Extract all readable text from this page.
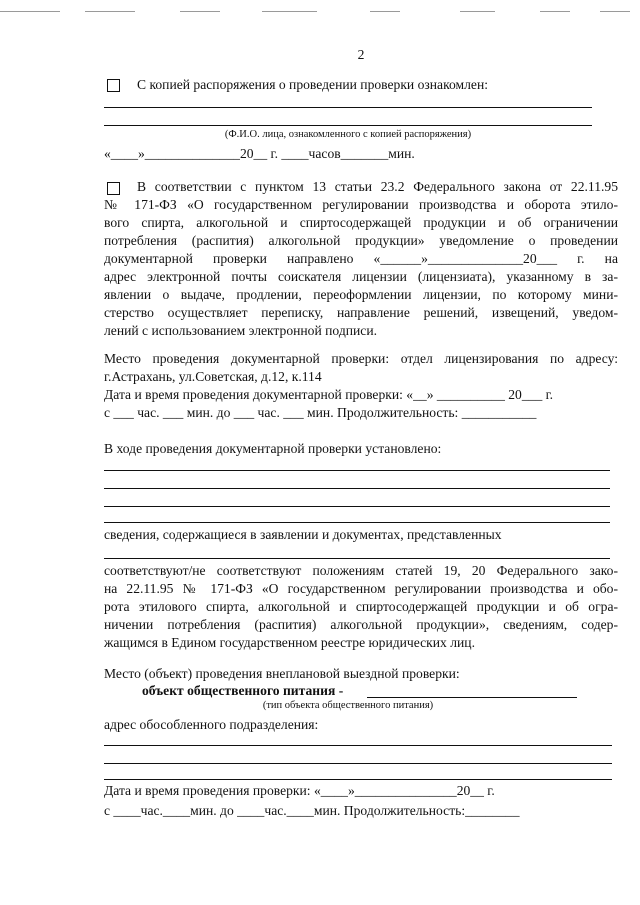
2
С копией распоряжения о проведении проверки ознакомлен:
(Ф.И.О. лица, ознакомленного с копией распоряжения)
«____»______________20__ г. ____часов_______мин.
В соответствии с пунктом 13 статьи 23.2 Федерального закона от 22.11.95
№ 171-ФЗ «О государственном регулировании производства и оборота этило-
вого спирта, алкогольной и спиртосодержащей продукции и об ограничении
потребления (распития) алкогольной продукции» уведомление о проведении
документарной проверки направлено «______»______________20___ г. на
адрес электронной почты соискателя лицензии (лицензиата), указанному в за-
явлении о выдаче, продлении, переоформлении лицензии, по которому мини-
стерство осуществляет переписку, направление решений, извещений, уведом-
лений с использованием электронной подписи.
Место проведения документарной проверки: отдел лицензирования по адресу:
г.Астрахань, ул.Советская, д.12, к.114
Дата и время проведения документарной проверки: «__» __________ 20___ г.
с ___ час. ___ мин. до ___ час. ___ мин. Продолжительность: ___________
В ходе проведения документарной проверки установлено:
сведения, содержащиеся в заявлении и документах, представленных
соответствуют/не соответствуют положениям статей 19, 20 Федерального зако-
на 22.11.95 № 171-ФЗ «О государственном регулировании производства и обо-
рота этилового спирта, алкогольной и спиртосодержащей продукции и об огра-
ничении потребления (распития) алкогольной продукции», сведениям, содер-
жащимся в Едином государственном реестре юридических лиц.
Место (объект) проведения внеплановой выездной проверки:
объект общественного питания -
(тип объекта общественного питания)
адрес обособленного подразделения:
Дата и время проведения проверки: «____»_______________20__ г.
с ____час.____мин. до ____час.____мин. Продолжительность:________
